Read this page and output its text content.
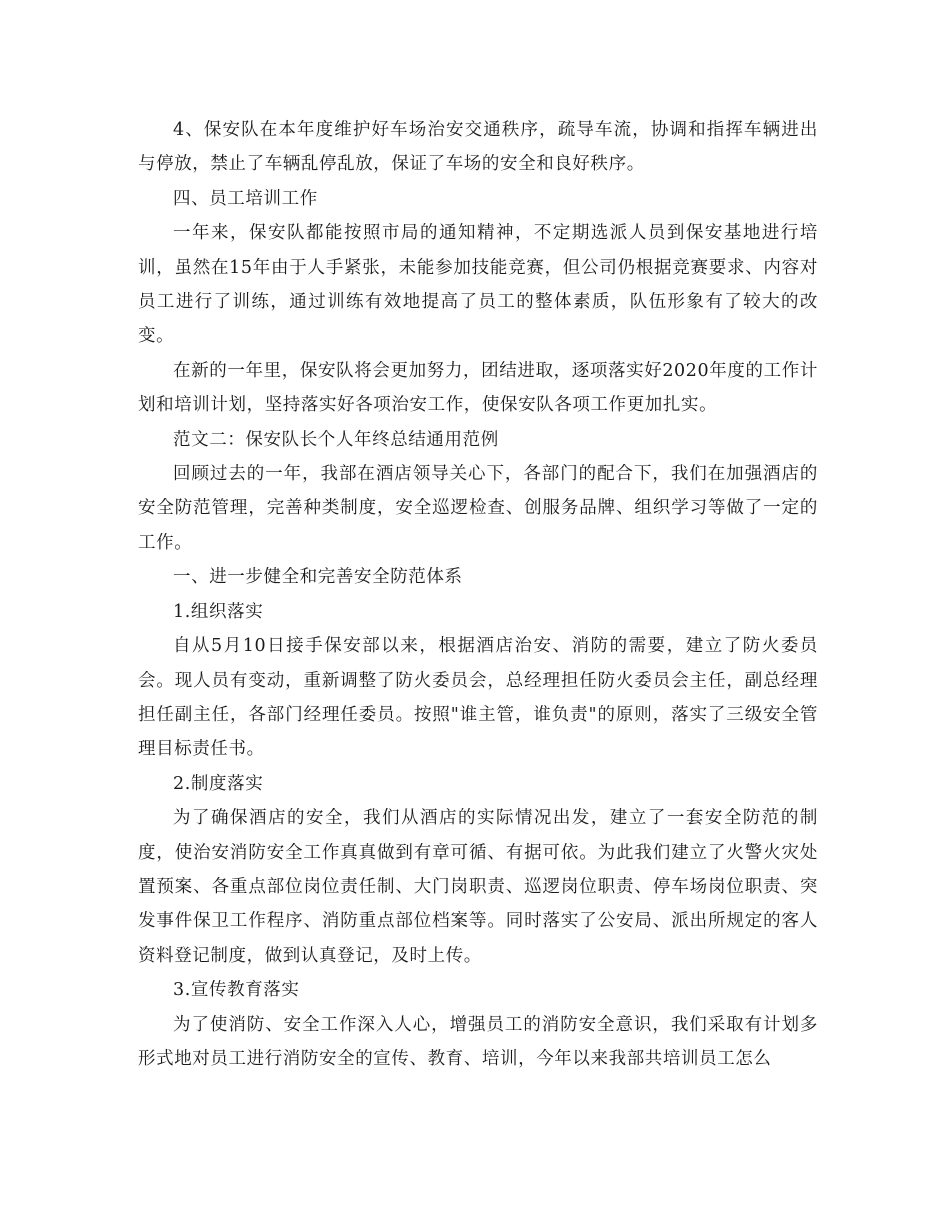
4、保安队在本年度维护好车场治安交通秩序，疏导车流，协调和指挥车辆进出与停放，禁止了车辆乱停乱放，保证了车场的安全和良好秩序。

四、员工培训工作

一年来，保安队都能按照市局的通知精神，不定期选派人员到保安基地进行培训，虽然在15年由于人手紧张，未能参加技能竞赛，但公司仍根据竞赛要求、内容对员工进行了训练，通过训练有效地提高了员工的整体素质，队伍形象有了较大的改变。

在新的一年里，保安队将会更加努力，团结进取，逐项落实好2020年度的工作计划和培训计划，坚持落实好各项治安工作，使保安队各项工作更加扎实。

范文二：保安队长个人年终总结通用范例

回顾过去的一年，我部在酒店领导关心下，各部门的配合下，我们在加强酒店的安全防范管理，完善种类制度，安全巡逻检查、创服务品牌、组织学习等做了一定的工作。

一、进一步健全和完善安全防范体系

1.组织落实

自从5月10日接手保安部以来，根据酒店治安、消防的需要，建立了防火委员会。现人员有变动，重新调整了防火委员会，总经理担任防火委员会主任，副总经理担任副主任，各部门经理任委员。按照"谁主管，谁负责"的原则，落实了三级安全管理目标责任书。

2.制度落实

为了确保酒店的安全，我们从酒店的实际情况出发，建立了一套安全防范的制度，使治安消防安全工作真真做到有章可循、有据可依。为此我们建立了火警火灾处置预案、各重点部位岗位责任制、大门岗职责、巡逻岗位职责、停车场岗位职责、突发事件保卫工作程序、消防重点部位档案等。同时落实了公安局、派出所规定的客人资料登记制度，做到认真登记，及时上传。

3.宣传教育落实

为了使消防、安全工作深入人心，增强员工的消防安全意识，我们采取有计划多形式地对员工进行消防安全的宣传、教育、培训，今年以来我部共培训员工怎么
